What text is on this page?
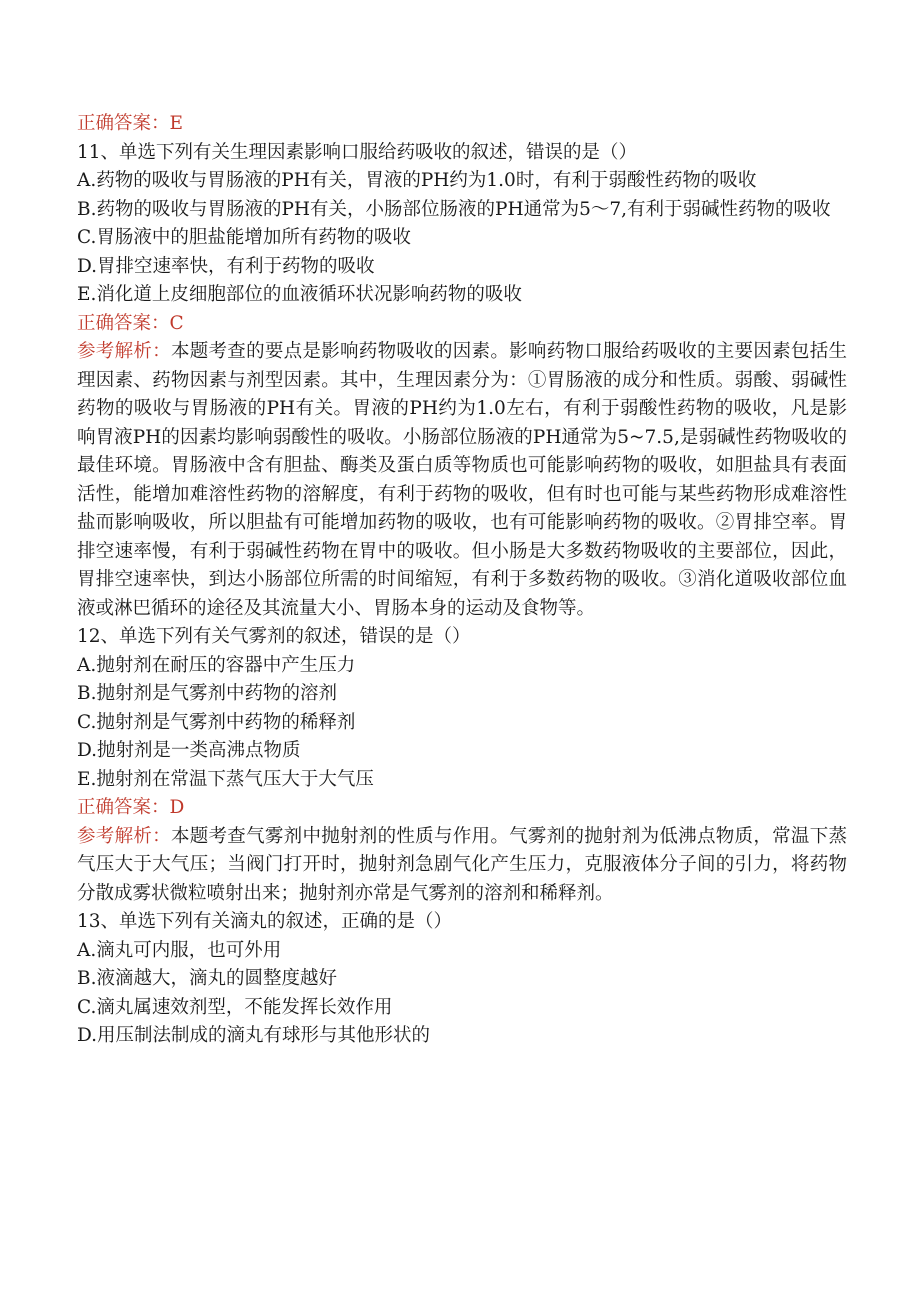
正确答案：E
11、单选下列有关生理因素影响口服给药吸收的叙述，错误的是（）
A.药物的吸收与胃肠液的PH有关，胃液的PH约为1.0时，有利于弱酸性药物的吸收
B.药物的吸收与胃肠液的PH有关，小肠部位肠液的PH通常为5～7,有利于弱碱性药物的吸收
C.胃肠液中的胆盐能增加所有药物的吸收
D.胃排空速率快，有利于药物的吸收
E.消化道上皮细胞部位的血液循环状况影响药物的吸收
正确答案：C
参考解析：本题考查的要点是影响药物吸收的因素。影响药物口服给药吸收的主要因素包括生理因素、药物因素与剂型因素。其中，生理因素分为：①胃肠液的成分和性质。弱酸、弱碱性药物的吸收与胃肠液的PH有关。胃液的PH约为1.0左右，有利于弱酸性药物的吸收，凡是影响胃液PH的因素均影响弱酸性的吸收。小肠部位肠液的PH通常为5~7.5,是弱碱性药物吸收的最佳环境。胃肠液中含有胆盐、酶类及蛋白质等物质也可能影响药物的吸收，如胆盐具有表面活性，能增加难溶性药物的溶解度，有利于药物的吸收，但有时也可能与某些药物形成难溶性盐而影响吸收，所以胆盐有可能增加药物的吸收，也有可能影响药物的吸收。②胃排空率。胃排空速率慢，有利于弱碱性药物在胃中的吸收。但小肠是大多数药物吸收的主要部位，因此，胃排空速率快，到达小肠部位所需的时间缩短，有利于多数药物的吸收。③消化道吸收部位血液或淋巴循环的途径及其流量大小、胃肠本身的运动及食物等。
12、单选下列有关气雾剂的叙述，错误的是（）
A.抛射剂在耐压的容器中产生压力
B.抛射剂是气雾剂中药物的溶剂
C.抛射剂是气雾剂中药物的稀释剂
D.抛射剂是一类高沸点物质
E.抛射剂在常温下蒸气压大于大气压
正确答案：D
参考解析：本题考查气雾剂中抛射剂的性质与作用。气雾剂的抛射剂为低沸点物质，常温下蒸气压大于大气压；当阀门打开时，抛射剂急剧气化产生压力，克服液体分子间的引力，将药物分散成雾状微粒喷射出来；抛射剂亦常是气雾剂的溶剂和稀释剂。
13、单选下列有关滴丸的叙述，正确的是（）
A.滴丸可内服，也可外用
B.液滴越大，滴丸的圆整度越好
C.滴丸属速效剂型，不能发挥长效作用
D.用压制法制成的滴丸有球形与其他形状的
